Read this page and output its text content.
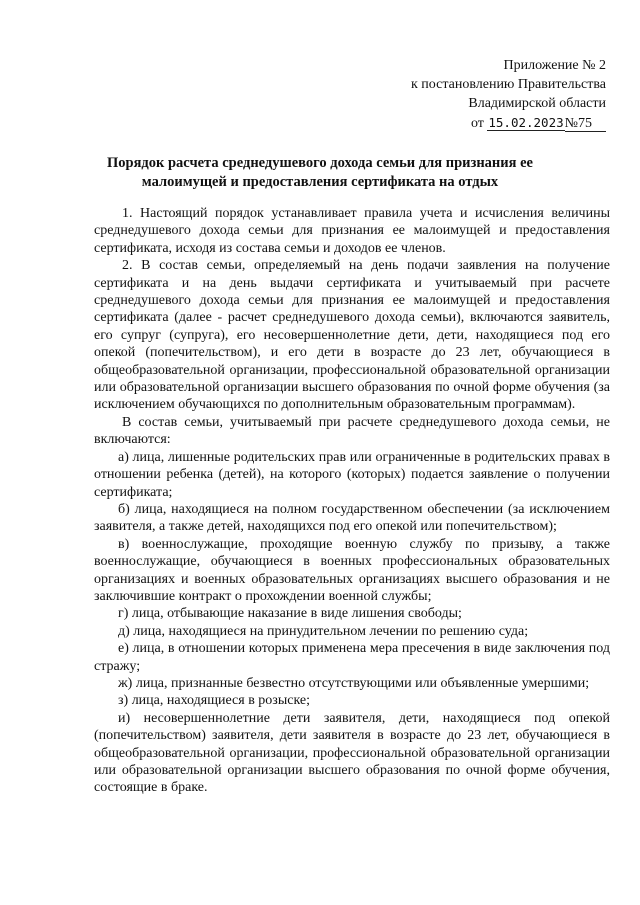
Приложение № 2
к постановлению Правительства
Владимирской области
от 15.02.2023№75
Порядок расчета среднедушевого дохода семьи для признания ее
малоимущей и предоставления сертификата на отдых

1. Настоящий порядок устанавливает правила учета и исчисления величины среднедушевого дохода семьи для признания ее малоимущей и предоставления сертификата, исходя из состава семьи и доходов ее членов.

2. В состав семьи, определяемый на день подачи заявления на получение сертификата и на день выдачи сертификата и учитываемый при расчете среднедушевого дохода семьи для признания ее малоимущей и предоставления сертификата (далее - расчет среднедушевого дохода семьи), включаются заявитель, его супруг (супруга), его несовершеннолетние дети, дети, находящиеся под его опекой (попечительством), и его дети в возрасте до 23 лет, обучающиеся в общеобразовательной организации, профессиональной образовательной организации или образовательной организации высшего образования по очной форме обучения (за исключением обучающихся по дополнительным образовательным программам).

В состав семьи, учитываемый при расчете среднедушевого дохода семьи, не включаются:

а) лица, лишенные родительских прав или ограниченные в родительских правах в отношении ребенка (детей), на которого (которых) подается заявление о получении сертификата;

б) лица, находящиеся на полном государственном обеспечении (за исключением заявителя, а также детей, находящихся под его опекой или попечительством);

в) военнослужащие, проходящие военную службу по призыву, а также военнослужащие, обучающиеся в военных профессиональных образовательных организациях и военных образовательных организациях высшего образования и не заключившие контракт о прохождении военной службы;

г) лица, отбывающие наказание в виде лишения свободы;

д) лица, находящиеся на принудительном лечении по решению суда;

е) лица, в отношении которых применена мера пресечения в виде заключения под стражу;

ж) лица, признанные безвестно отсутствующими или объявленные умершими;

з) лица, находящиеся в розыске;

и) несовершеннолетние дети заявителя, дети, находящиеся под опекой (попечительством) заявителя, дети заявителя в возрасте до 23 лет, обучающиеся в общеобразовательной организации, профессиональной образовательной организации или образовательной организации высшего образования по очной форме обучения, состоящие в браке.
